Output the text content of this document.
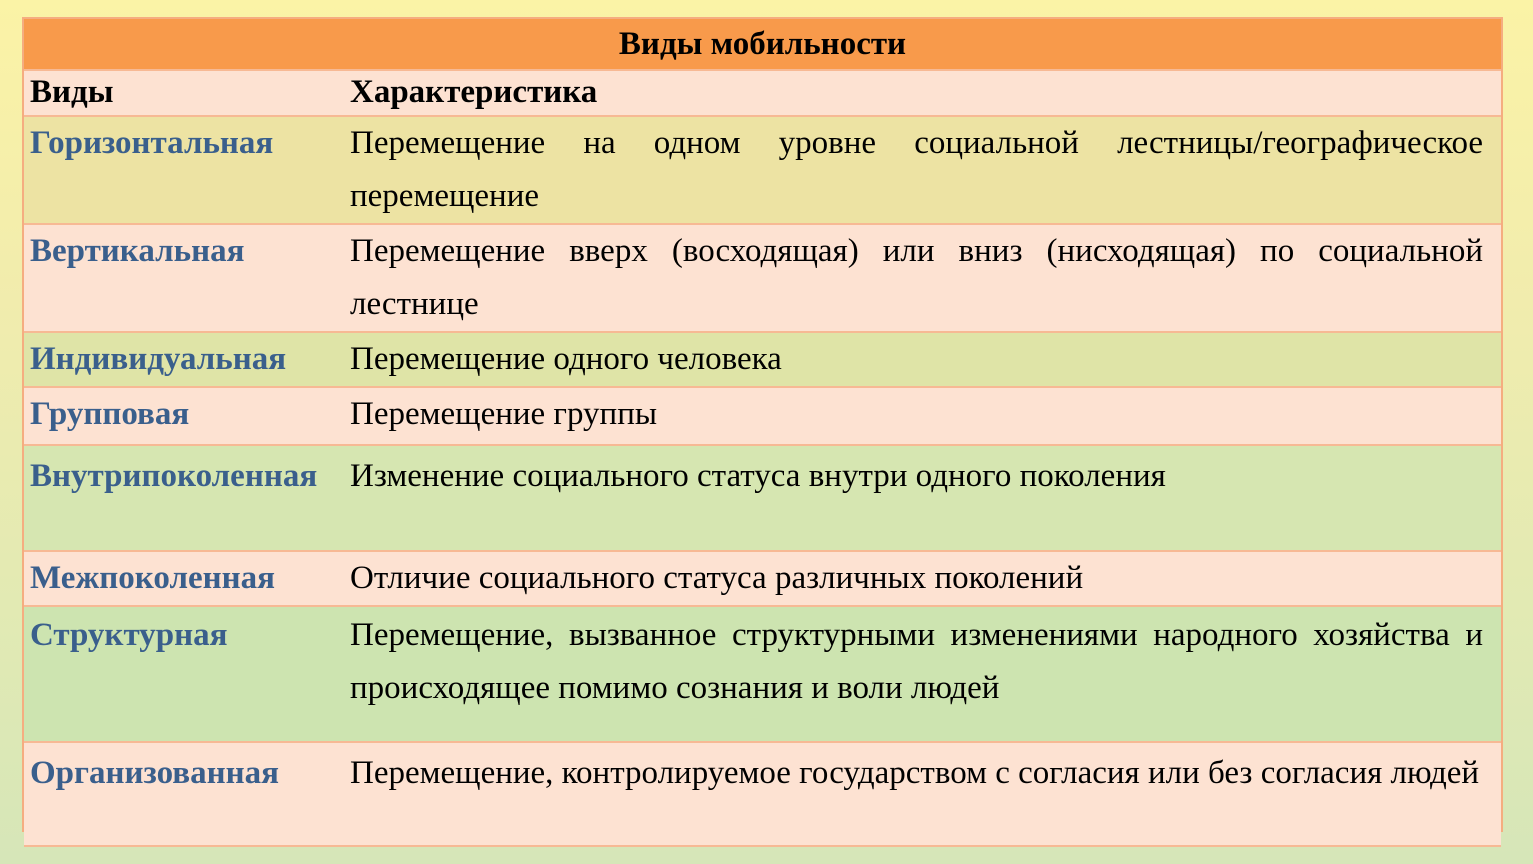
Виды мобильности	
Виды	Характеристика
Горизонтальная	Перемещение на одном уровне социальной лестницы/географическое перемещение
Вертикальная	Перемещение вверх (восходящая) или вниз (нисходящая) по социальной лестнице
Индивидуальная	Перемещение одного человека
Групповая	Перемещение группы
Внутрипоколенная	Изменение социального статуса внутри одного поколения
Межпоколенная	Отличие социального статуса различных поколений
Структурная	Перемещение, вызванное структурными изменениями народного хозяйства и происходящее помимо сознания и воли людей
Организованная	Перемещение, контролируемое государством с согласия или без согласия людей
